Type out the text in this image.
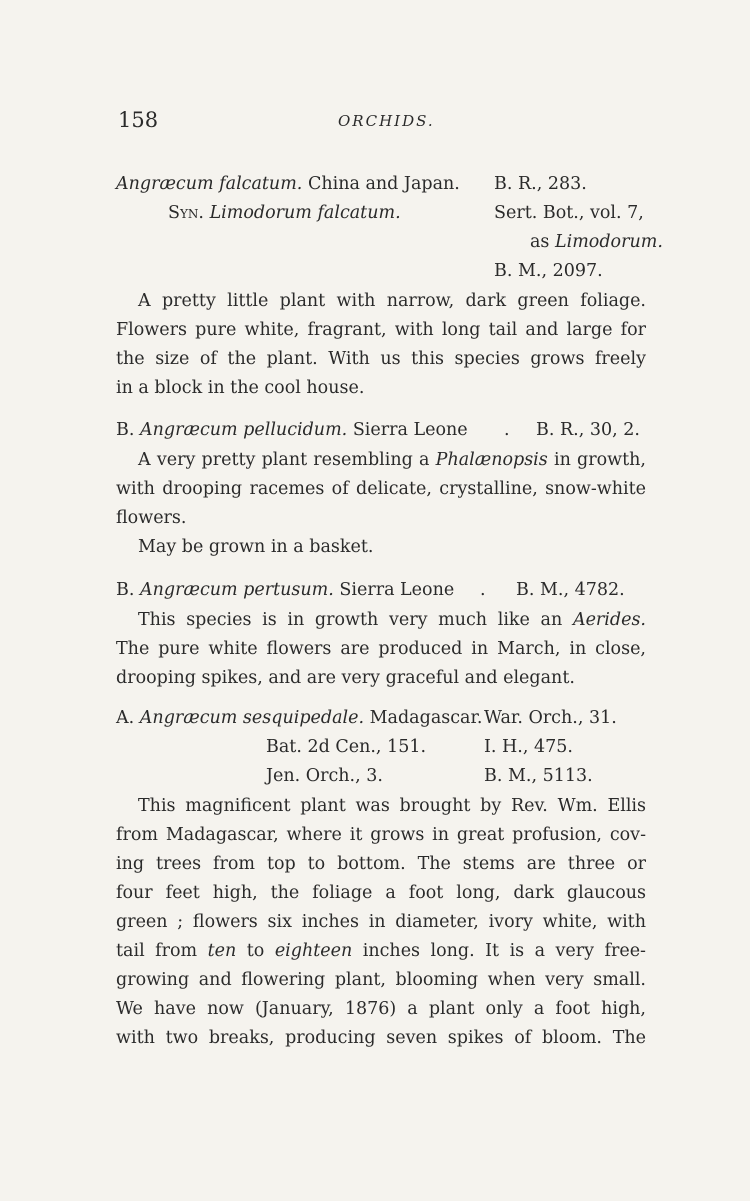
158	ORCHIDS.
Angræcum falcatum. China and Japan. B. R., 283.
Syn. Limodorum falcatum.	Sert. Bot., vol. 7,
as Limodorum.
B. M., 2097.
A pretty little plant with narrow, dark green foliage.
Flowers pure white, fragrant, with long tail and large for
the size of the plant. With us this species grows freely
in a block in the cool house.
B. Angræcum pellucidum. Sierra Leone . B. R., 30, 2.
A very pretty plant resembling a Phalænopsis in growth,
with drooping racemes of delicate, crystalline, snow-white
flowers.
May be grown in a basket.
B. Angræcum pertusum. Sierra Leone . B. M., 4782.
This species is in growth very much like an Aerides.
The pure white flowers are produced in March, in close,
drooping spikes, and are very graceful and elegant.
A. Angræcum sesquipedale. Madagascar. War. Orch., 31.
Bat. 2d Cen., 151.	I. H., 475.
Jen. Orch., 3.	B. M., 5113.
This magnificent plant was brought by Rev. Wm. Ellis
from Madagascar, where it grows in great profusion, cov-
ing trees from top to bottom. The stems are three or
four feet high, the foliage a foot long, dark glaucous
green ; flowers six inches in diameter, ivory white, with
tail from ten to eighteen inches long. It is a very free-
growing and flowering plant, blooming when very small.
We have now (January, 1876) a plant only a foot high,
with two breaks, producing seven spikes of bloom. The
